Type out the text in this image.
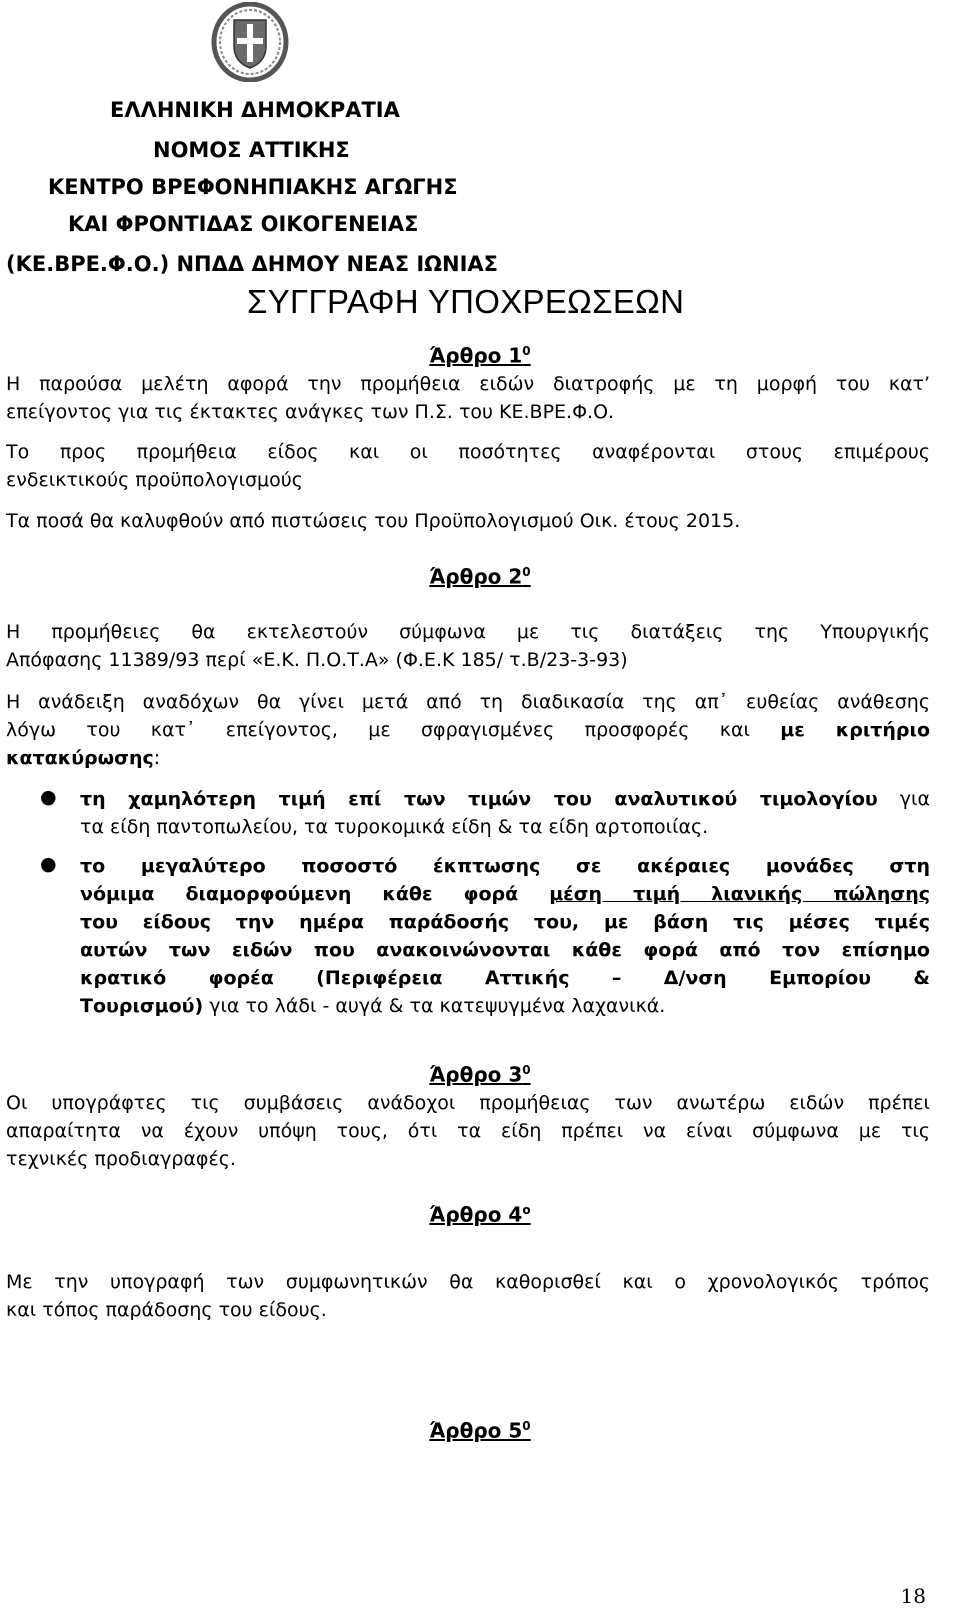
ΕΛΛΗΝΙΚΗ ΔΗΜΟΚΡΑΤΙΑ
ΝΟΜΟΣ ΑΤΤΙΚΗΣ
ΚΕΝΤΡΟ ΒΡΕΦΟΝΗΠΙΑΚΗΣ ΑΓΩΓΗΣ
ΚΑΙ ΦΡΟΝΤΙΔΑΣ ΟΙΚΟΓΕΝΕΙΑΣ
(ΚΕ.ΒΡΕ.Φ.Ο.) ΝΠΔΔ ΔΗΜΟΥ ΝΕΑΣ ΙΩΝΙΑΣ
ΣΥΓΓΡΑΦΗ ΥΠΟΧΡΕΩΣΕΩΝ
Άρθρο $1^0$
Η παρούσα μελέτη αφορά την προμήθεια ειδών διατροφής με τη μορφή του κατ’
επείγοντος για τις έκτακτες ανάγκες των Π.Σ. του ΚΕ.ΒΡΕ.Φ.Ο.
Το προς προμήθεια είδος και οι ποσότητες αναφέρονται στους επιμέρους
ενδεικτικούς προϋπολογισμούς
Τα ποσά θα καλυφθούν από πιστώσεις του Προϋπολογισμού Οικ. έτους 2015.
Άρθρο $2^0$
Η προμήθειες θα εκτελεστούν σύμφωνα με τις διατάξεις της Υπουργικής
Απόφασης 11389/93 περί «Ε.Κ. Π.Ο.Τ.Α» (Φ.Ε.Κ 185/ τ.Β/23-3-93)
Η ανάδειξη αναδόχων θα γίνει μετά από τη διαδικασία της απ᾽ ευθείας ανάθεσης
λόγω του κατ᾽ επείγοντος, με σφραγισμένες προσφορές και με κριτήριο
κατακύρωσης:
● τη χαμηλότερη τιμή επί των τιμών του αναλυτικού τιμολογίου για
τα είδη παντοπωλείου, τα τυροκομικά είδη & τα είδη αρτοποιίας.
● το μεγαλύτερο ποσοστό έκπτωσης σε ακέραιες μονάδες στη
νόμιμα διαμορφούμενη κάθε φορά μέση τιμή λιανικής πώλησης
του είδους την ημέρα παράδοσής του, με βάση τις μέσες τιμές
αυτών των ειδών που ανακοινώνονται κάθε φορά από τον επίσημο
κρατικό φορέα (Περιφέρεια Αττικής – Δ/νση Εμπορίου &
Τουρισμού) για το λάδι - αυγά & τα κατεψυγμένα λαχανικά.
Άρθρο $3^0$
Οι υπογράφτες τις συμβάσεις ανάδοχοι προμήθειας των ανωτέρω ειδών πρέπει
απαραίτητα να έχουν υπόψη τους, ότι τα είδη πρέπει να είναι σύμφωνα με τις
τεχνικές προδιαγραφές.
Άρθρο $4^o$
Με την υπογραφή των συμφωνητικών θα καθορισθεί και ο χρονολογικός τρόπος
και τόπος παράδοσης του είδους.
Άρθρο $5^0$
18
